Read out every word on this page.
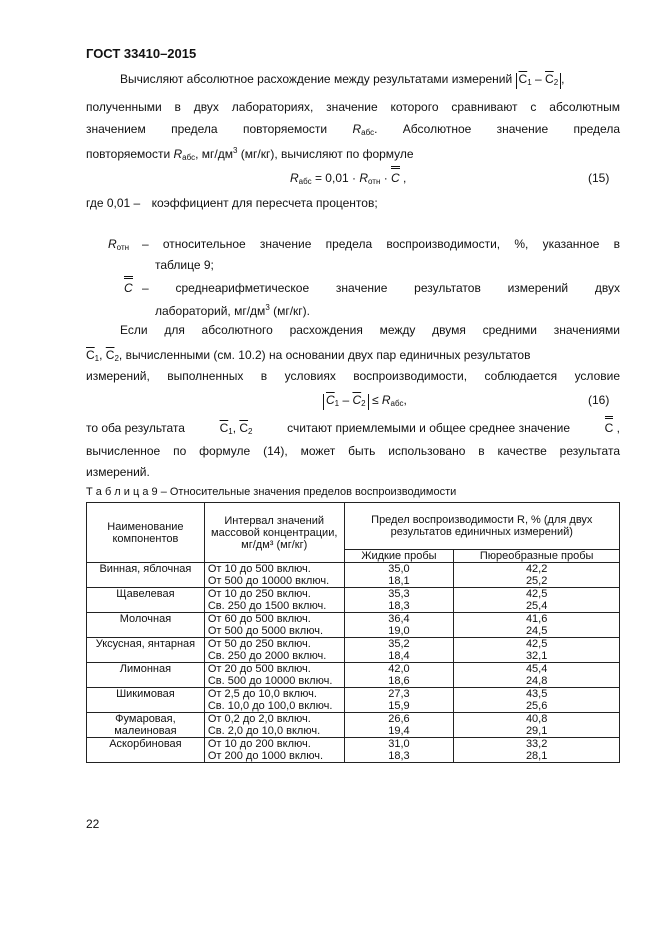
ГОСТ 33410–2015
Вычисляют абсолютное расхождение между результатами измерений $\overline{C}_1 - \overline{C}_2$ ,
полученными в двух лабораториях, значение которого сравнивают с абсолютным
значением предела повторяемости $R_{абс}$. Абсолютное значение предела
повторяемости $R_{абс}$, $мг/дм^3$ (мг/кг), вычисляют по формуле
$R_{абс} = 0,01 \cdot R_{отн} \cdot C$ ,	(15)
где 0,01 – коэффициент для пересчета процентов;
$R_{отн}$ – относительное значение предела воспроизводимости, %, указанное в
таблице 9;
C – среднеарифметическое значение результатов измерений двух
лабораторий, $мг/дм^3$ (мг/кг).
Если для абсолютного расхождения между двумя средними значениями
$\overline{C}_1$, $\overline{C}_2$, вычисленными (см. 10.2) на основании двух пар единичных результатов
измерений, выполненных в условиях воспроизводимости, соблюдается условие
$\overline{C}_1 - \overline{C}_2 \le R_{абс}$,	(16)
то оба результата	$\overline{C}_1$, $\overline{C}_2$	считают приемлемыми и общее среднее значение	C ,
вычисленное по формуле (14), может быть использовано в качестве результата
измерений.
Т а б л и ц а 9 – Относительные значения пределов воспроизводимости
Наименование компонентов	Интервал значений массовой концентрации, мг/дм³ (мг/кг)	Предел воспроизводимости R, % (для двух результатов единичных измерений)	
		Жидкие пробы	Пюреобразные пробы
Винная, яблочная	От 10 до 500 включ.	35,0	42,2
	От 500 до 10000 включ.	18,1	25,2
Щавелевая	От 10 до 250 включ.	35,3	42,5
	Св. 250 до 1500 включ.	18,3	25,4
Молочная	От 60 до 500 включ.	36,4	41,6
	От 500 до 5000 включ.	19,0	24,5
Уксусная, янтарная	От 50 до 250 включ.	35,2	42,5
	Св. 250 до 2000 включ.	18,4	32,1
Лимонная	От 20 до 500 включ.	42,0	45,4
	Св. 500 до 10000 включ.	18,6	24,8
Шикимовая	От 2,5 до 10,0 включ.	27,3	43,5
	Св. 10,0 до 100,0 включ.	15,9	25,6
Фумаровая, малеиновая	От 0,2 до 2,0 включ.	26,6	40,8
	Св. 2,0 до 10,0 включ.	19,4	29,1
Аскорбиновая	От 10 до 200 включ.	31,0	33,2
	От 200 до 1000 включ.	18,3	28,1
22
